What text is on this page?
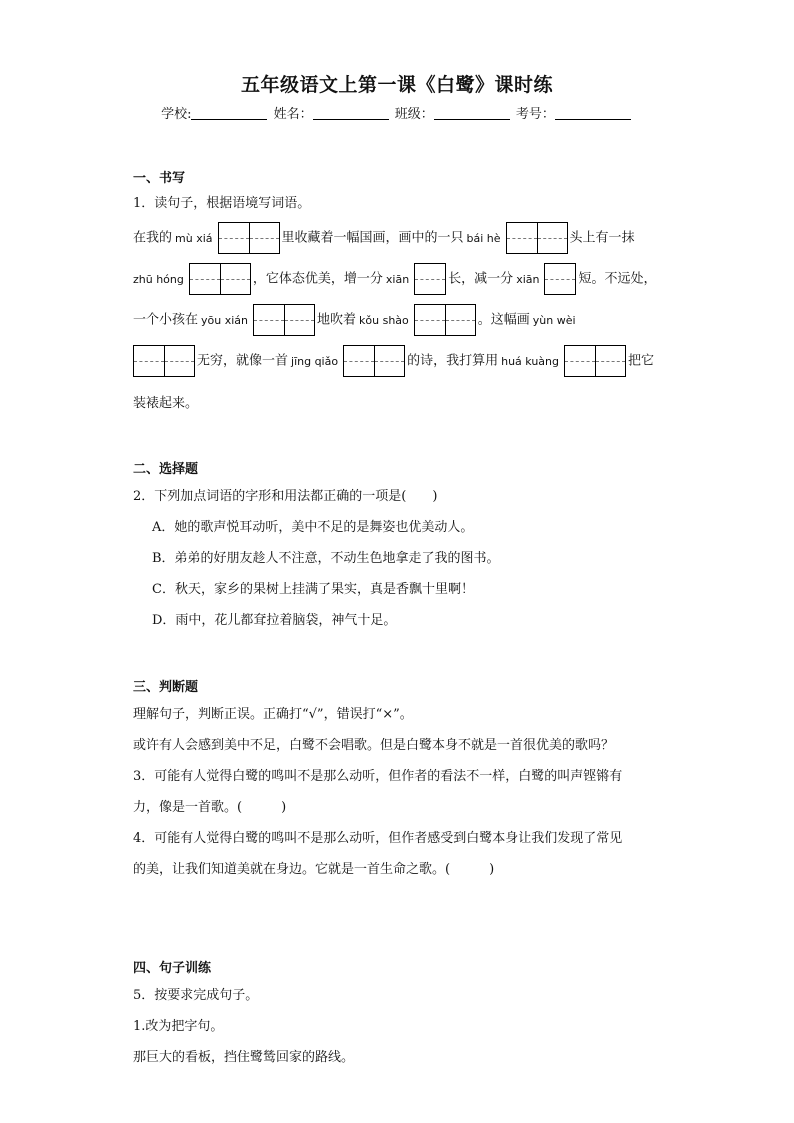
五年级语文上第一课《白鹭》课时练
学校:	姓名：	班级：	考号：
一、书写
1．读句子，根据语境写词语。
在我的 mù xiá	里收藏着一幅国画，画中的一只 bái hè	头上有一抹
zhū hóng	，它体态优美，增一分 xiān	长，减一分 xiān	短。不远处，
一个小孩在 yōu xián	地吹着 kǒu shào	。这幅画 yùn wèi
无穷，就像一首 jīng qiǎo	的诗，我打算用 huá kuàng	把它
装裱起来。
二、选择题
2．下列加点词语的字形和用法都正确的一项是(　　)
A．她的歌声悦耳动听，美中不足的是舞姿也优美动人。
B．弟弟的好朋友趁人不注意，不动生色地拿走了我的图书。
C．秋天，家乡的果树上挂满了果实，真是香飘十里啊！
D．雨中，花儿都耷拉着脑袋，神气十足。
三、判断题
理解句子，判断正误。正确打“√”，错误打“×”。
或许有人会感到美中不足，白鹭不会唱歌。但是白鹭本身不就是一首很优美的歌吗？
3．可能有人觉得白鹭的鸣叫不是那么动听，但作者的看法不一样，白鹭的叫声铿锵有
力，像是一首歌。(　　　)
4．可能有人觉得白鹭的鸣叫不是那么动听，但作者感受到白鹭本身让我们发现了常见
的美，让我们知道美就在身边。它就是一首生命之歌。(　　　)
四、句子训练
5．按要求完成句子。
1.改为把字句。
那巨大的看板，挡住鹭鸶回家的路线。
